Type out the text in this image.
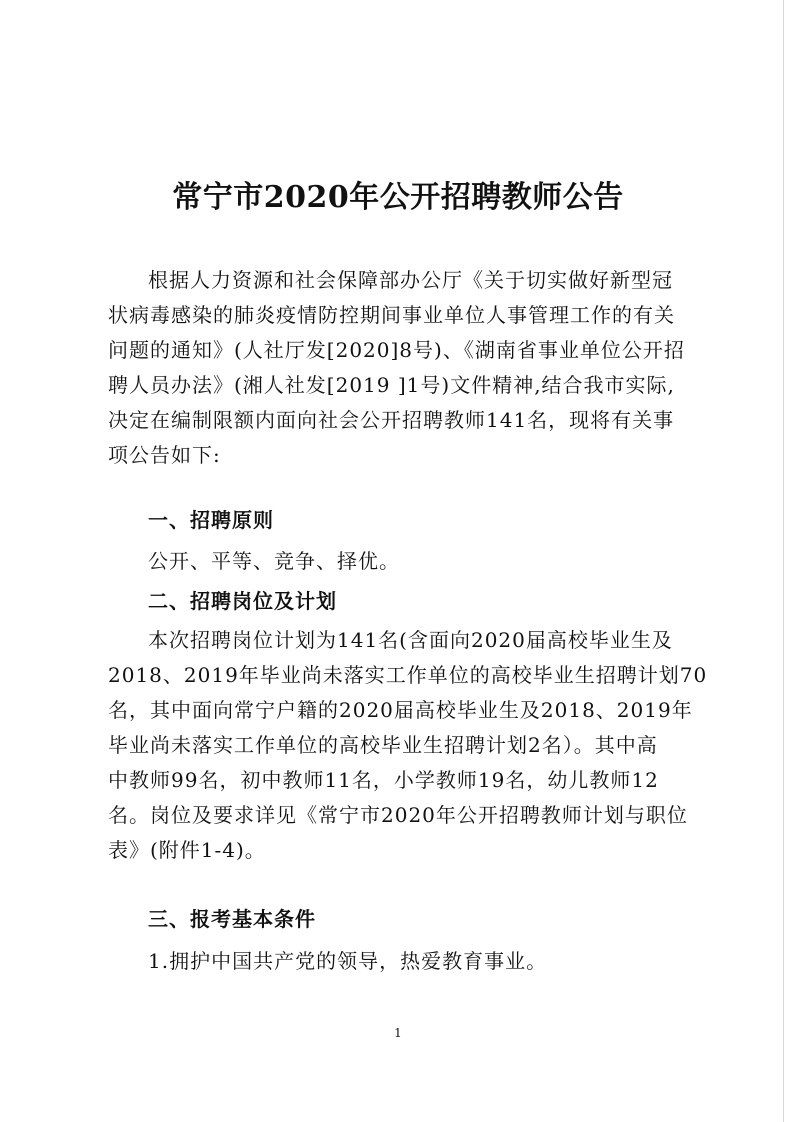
常宁市2020年公开招聘教师公告
根据人力资源和社会保障部办公厅《关于切实做好新型冠
状病毒感染的肺炎疫情防控期间事业单位人事管理工作的有关
问题的通知》(人社厅发[2020]8号)、《湖南省事业单位公开招
聘人员办法》(湘人社发[2019 ]1号)文件精神,结合我市实际,
决定在编制限额内面向社会公开招聘教师141名，现将有关事
项公告如下:
一、招聘原则
公开、平等、竞争、择优。
二、招聘岗位及计划
本次招聘岗位计划为141名(含面向2020届高校毕业生及
2018、2019年毕业尚未落实工作单位的高校毕业生招聘计划70
名，其中面向常宁户籍的2020届高校毕业生及2018、2019年
毕业尚未落实工作单位的高校毕业生招聘计划2名）。其中高
中教师99名，初中教师11名，小学教师19名，幼儿教师12
名。岗位及要求详见《常宁市2020年公开招聘教师计划与职位
表》(附件1-4)。
三、报考基本条件
1.拥护中国共产党的领导，热爱教育事业。
1
